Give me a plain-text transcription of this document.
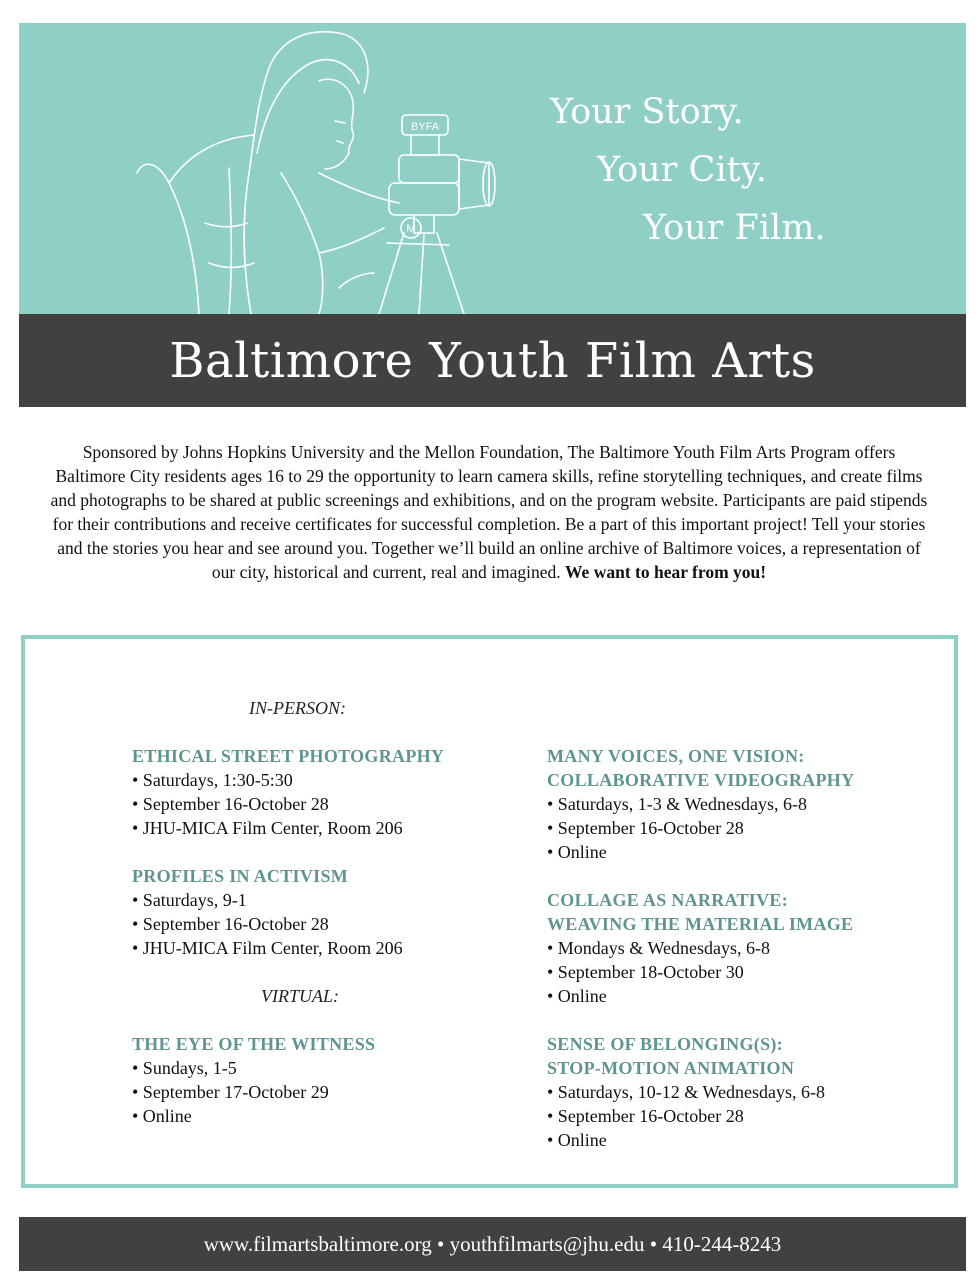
BYFA
M
Your Story.
Your City.
Your Film.
Baltimore Youth Film Arts
Sponsored by Johns Hopkins University and the Mellon Foundation, The Baltimore Youth Film Arts Program offers Baltimore City residents ages 16 to 29 the opportunity to learn camera skills, refine storytelling techniques, and create films and photographs to be shared at public screenings and exhibitions, and on the program website. Participants are paid stipends for their contributions and receive certificates for successful completion. Be a part of this important project! Tell your stories and the stories you hear and see around you. Together we’ll build an online archive of Baltimore voices, a representation of our city, historical and current, real and imagined. We want to hear from you!
IN-PERSON:
ETHICAL STREET PHOTOGRAPHY
• Saturdays, 1:30-5:30
• September 16-October 28
• JHU-MICA Film Center, Room 206
PROFILES IN ACTIVISM
• Saturdays, 9-1
• September 16-October 28
• JHU-MICA Film Center, Room 206
VIRTUAL:
THE EYE OF THE WITNESS
• Sundays, 1-5
• September 17-October 29
• Online
MANY VOICES, ONE VISION:
COLLABORATIVE VIDEOGRAPHY
• Saturdays, 1-3 & Wednesdays, 6-8
• September 16-October 28
• Online
COLLAGE AS NARRATIVE:
WEAVING THE MATERIAL IMAGE
• Mondays & Wednesdays, 6-8
• September 18-October 30
• Online
SENSE OF BELONGING(S):
STOP-MOTION ANIMATION
• Saturdays, 10-12 & Wednesdays, 6-8
• September 16-October 28
• Online
www.filmartsbaltimore.org • youthfilmarts@jhu.edu • 410-244-8243
